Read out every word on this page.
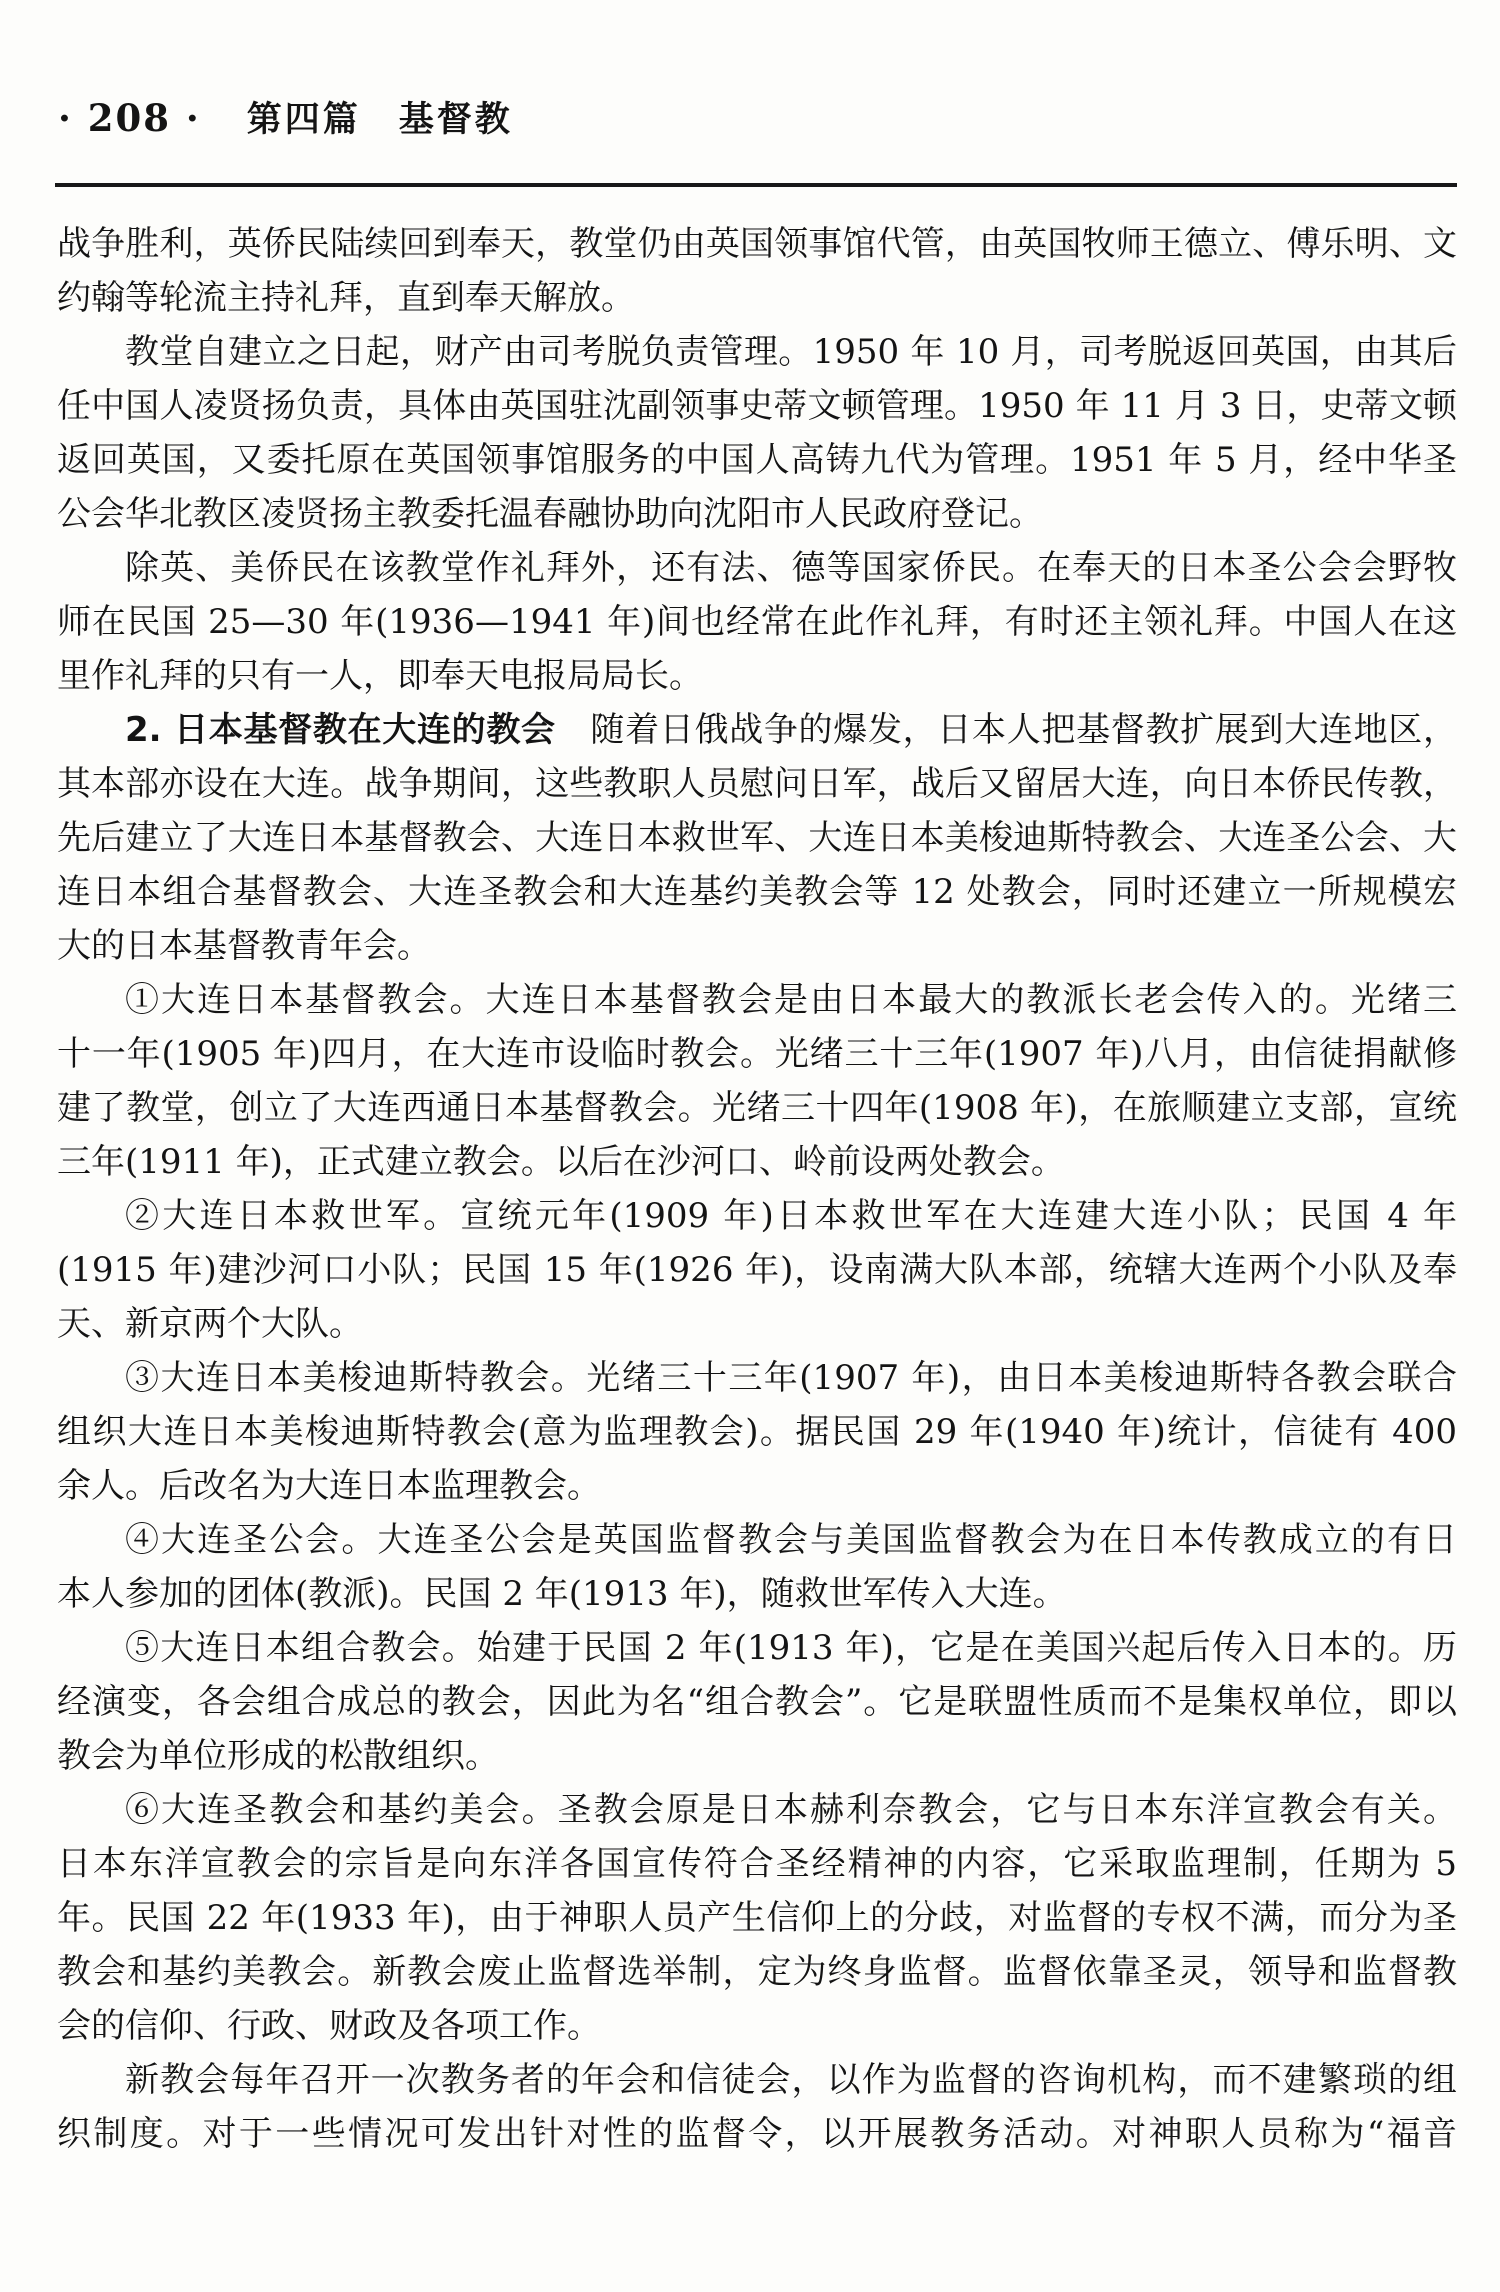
· 208 · 第四篇 基督教
战争胜利，英侨民陆续回到奉天，教堂仍由英国领事馆代管，由英国牧师王德立、傅乐明、文
约翰等轮流主持礼拜，直到奉天解放。
教堂自建立之日起，财产由司考脱负责管理。1950 年 10 月，司考脱返回英国，由其后
任中国人凌贤扬负责，具体由英国驻沈副领事史蒂文顿管理。1950 年 11 月 3 日，史蒂文顿
返回英国，又委托原在英国领事馆服务的中国人高铸九代为管理。1951 年 5 月，经中华圣
公会华北教区凌贤扬主教委托温春融协助向沈阳市人民政府登记。
除英、美侨民在该教堂作礼拜外，还有法、德等国家侨民。在奉天的日本圣公会会野牧
师在民国 25—30 年(1936—1941 年)间也经常在此作礼拜，有时还主领礼拜。中国人在这
里作礼拜的只有一人，即奉天电报局局长。
2. 日本基督教在大连的教会　随着日俄战争的爆发，日本人把基督教扩展到大连地区，
其本部亦设在大连。战争期间，这些教职人员慰问日军，战后又留居大连，向日本侨民传教，
先后建立了大连日本基督教会、大连日本救世军、大连日本美梭迪斯特教会、大连圣公会、大
连日本组合基督教会、大连圣教会和大连基约美教会等 12 处教会，同时还建立一所规模宏
大的日本基督教青年会。
①大连日本基督教会。大连日本基督教会是由日本最大的教派长老会传入的。光绪三
十一年(1905 年)四月，在大连市设临时教会。光绪三十三年(1907 年)八月，由信徒捐献修
建了教堂，创立了大连西通日本基督教会。光绪三十四年(1908 年)，在旅顺建立支部，宣统
三年(1911 年)，正式建立教会。以后在沙河口、岭前设两处教会。
②大连日本救世军。宣统元年(1909 年)日本救世军在大连建大连小队；民国 4 年
(1915 年)建沙河口小队；民国 15 年(1926 年)，设南满大队本部，统辖大连两个小队及奉
天、新京两个大队。
③大连日本美梭迪斯特教会。光绪三十三年(1907 年)，由日本美梭迪斯特各教会联合
组织大连日本美梭迪斯特教会(意为监理教会)。据民国 29 年(1940 年)统计，信徒有 400
余人。后改名为大连日本监理教会。
④大连圣公会。大连圣公会是英国监督教会与美国监督教会为在日本传教成立的有日
本人参加的团体(教派)。民国 2 年(1913 年)，随救世军传入大连。
⑤大连日本组合教会。始建于民国 2 年(1913 年)，它是在美国兴起后传入日本的。历
经演变，各会组合成总的教会，因此为名“组合教会”。它是联盟性质而不是集权单位，即以
教会为单位形成的松散组织。
⑥大连圣教会和基约美会。圣教会原是日本赫利奈教会，它与日本东洋宣教会有关。
日本东洋宣教会的宗旨是向东洋各国宣传符合圣经精神的内容，它采取监理制，任期为 5
年。民国 22 年(1933 年)，由于神职人员产生信仰上的分歧，对监督的专权不满，而分为圣
教会和基约美教会。新教会废止监督选举制，定为终身监督。监督依靠圣灵，领导和监督教
会的信仰、行政、财政及各项工作。
新教会每年召开一次教务者的年会和信徒会，以作为监督的咨询机构，而不建繁琐的组
织制度。对于一些情况可发出针对性的监督令，以开展教务活动。对神职人员称为“福音
